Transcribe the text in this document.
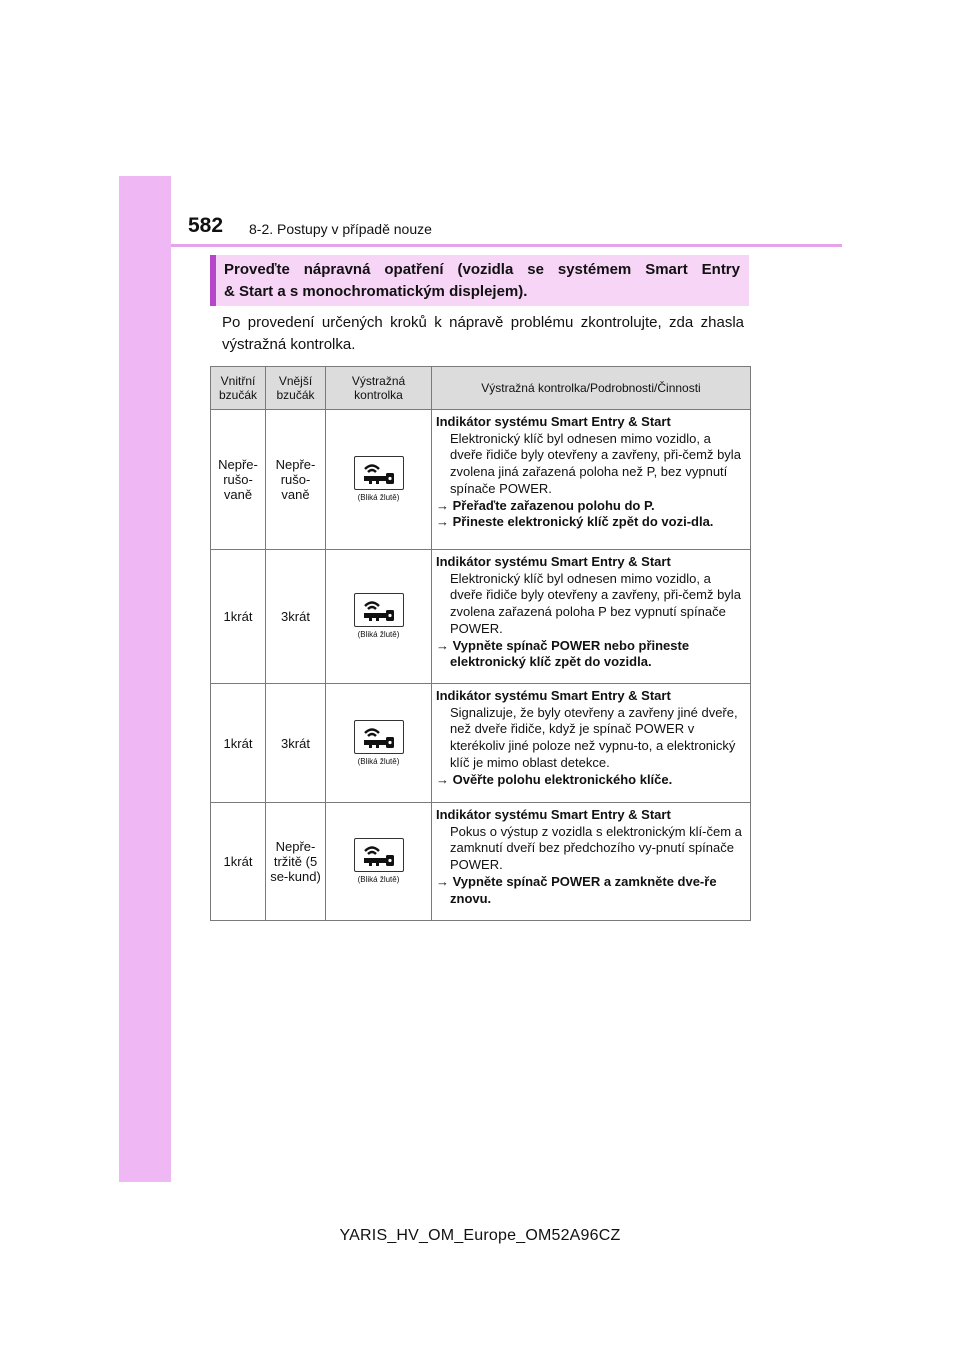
582 8-2. Postupy v případě nouze
Proveďte nápravná opatření (vozidla se systémem Smart Entry
& Start a s monochromatickým displejem).
Po provedení určených kroků k nápravě problému zkontrolujte, zda zhasla výstražná kontrolka.
Vnitřní bzučák	Vnější bzučák	Výstražná kontrolka	Výstražná kontrolka/Podrobnosti/Činnosti
Nepře-rušo-vaně	Nepře-rušo-vaně	(Bliká žlutě)	Indikátor systému Smart Entry & Start
Elektronický klíč byl odnesen mimo vozidlo, a dveře řidiče byly otevřeny a zavřeny, při-čemž byla zvolena jiná zařazená poloha než P, bez vypnutí spínače POWER.
→ Přeřaďte zařazenou polohu do P.
→ Přineste elektronický klíč zpět do vozi-dla.

1krát	3krát	(Bliká žlutě)	Indikátor systému Smart Entry & Start
Elektronický klíč byl odnesen mimo vozidlo, a dveře řidiče byly otevřeny a zavřeny, při-čemž byla zvolena zařazená poloha P bez vypnutí spínače POWER.
→ Vypněte spínač POWER nebo přineste elektronický klíč zpět do vozidla.

1krát	3krát	(Bliká žlutě)	Indikátor systému Smart Entry & Start
Signalizuje, že byly otevřeny a zavřeny jiné dveře, než dveře řidiče, když je spínač POWER v kterékoliv jiné poloze než vypnu-to, a elektronický klíč je mimo oblast detekce.
→ Ověřte polohu elektronického klíče.

1krát	Nepře-tržitě (5 se-kund)	(Bliká žlutě)	Indikátor systému Smart Entry & Start
Pokus o výstup z vozidla s elektronickým klí-čem a zamknutí dveří bez předchozího vy-pnutí spínače POWER.
→ Vypněte spínač POWER a zamkněte dve-ře znovu.
YARIS_HV_OM_Europe_OM52A96CZ
